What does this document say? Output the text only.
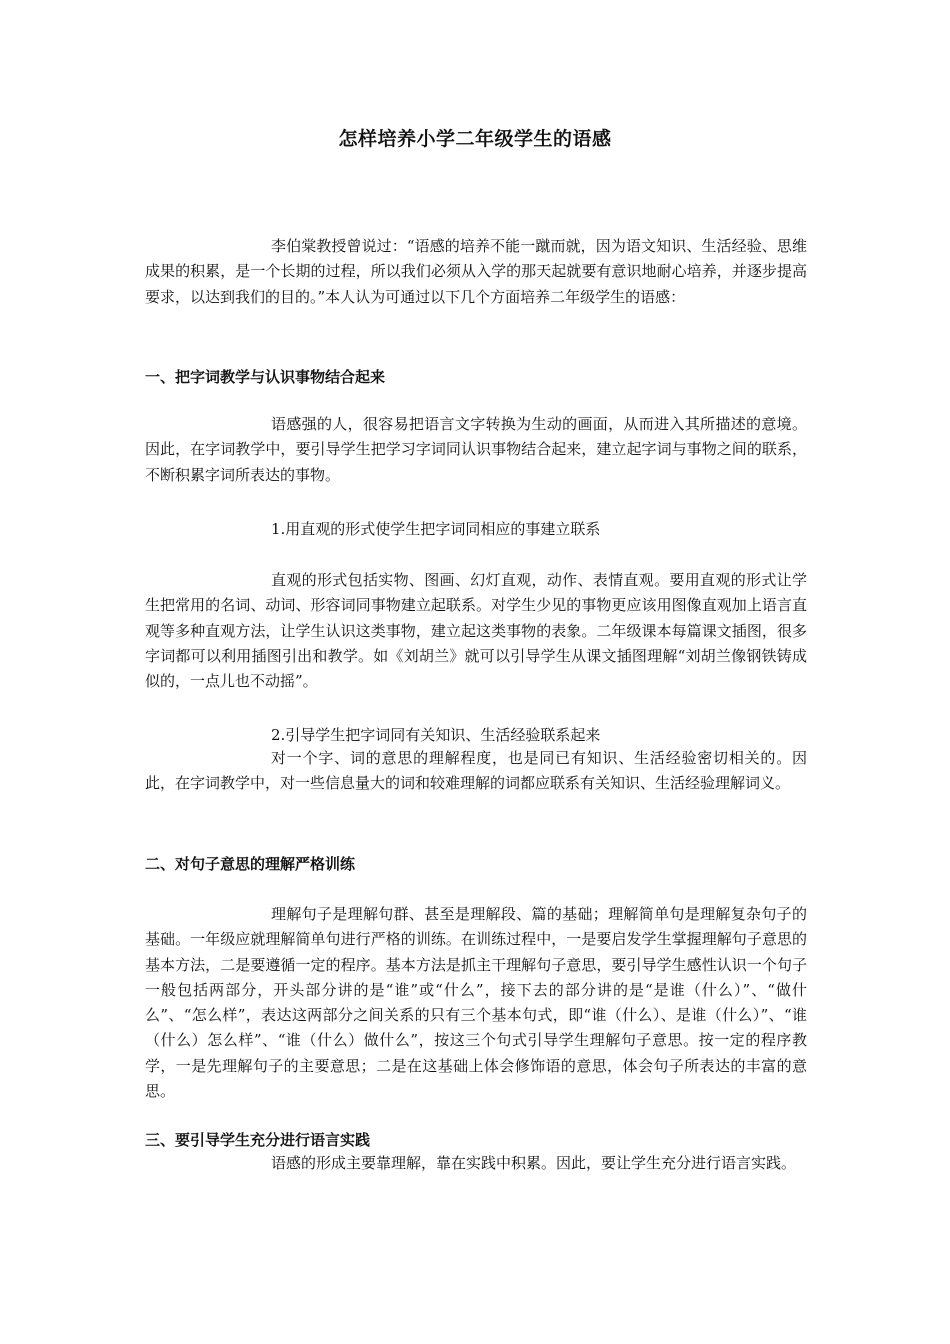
怎样培养小学二年级学生的语感

李伯棠教授曾说过：“语感的培养不能一蹴而就，因为语文知识、生活经验、思维成果的积累，是一个长期的过程，所以我们必须从入学的那天起就要有意识地耐心培养，并逐步提高要求，以达到我们的目的。”本人认为可通过以下几个方面培养二年级学生的语感：

一、把字词教学与认识事物结合起来

语感强的人，很容易把语言文字转换为生动的画面，从而进入其所描述的意境。因此，在字词教学中，要引导学生把学习字词同认识事物结合起来，建立起字词与事物之间的联系，不断积累字词所表达的事物。

1.用直观的形式使学生把字词同相应的事建立联系

直观的形式包括实物、图画、幻灯直观，动作、表情直观。要用直观的形式让学生把常用的名词、动词、形容词同事物建立起联系。对学生少见的事物更应该用图像直观加上语言直观等多种直观方法，让学生认识这类事物，建立起这类事物的表象。二年级课本每篇课文插图，很多字词都可以利用插图引出和教学。如《刘胡兰》就可以引导学生从课文插图理解“刘胡兰像钢铁铸成似的，一点儿也不动摇”。

2.引导学生把字词同有关知识、生活经验联系起来

对一个字、词的意思的理解程度，也是同已有知识、生活经验密切相关的。因此，在字词教学中，对一些信息量大的词和较难理解的词都应联系有关知识、生活经验理解词义。

二、对句子意思的理解严格训练

理解句子是理解句群、甚至是理解段、篇的基础；理解简单句是理解复杂句子的基础。一年级应就理解简单句进行严格的训练。在训练过程中，一是要启发学生掌握理解句子意思的基本方法，二是要遵循一定的程序。基本方法是抓主干理解句子意思，要引导学生感性认识一个句子一般包括两部分，开头部分讲的是“谁”或“什么”，接下去的部分讲的是“是谁（什么）”、“做什么”、“怎么样”，表达这两部分之间关系的只有三个基本句式，即“谁（什么）、是谁（什么）”、“谁（什么）怎么样”、“谁（什么）做什么”，按这三个句式引导学生理解句子意思。按一定的程序教学，一是先理解句子的主要意思；二是在这基础上体会修饰语的意思，体会句子所表达的丰富的意思。

三、要引导学生充分进行语言实践

语感的形成主要靠理解，靠在实践中积累。因此，要让学生充分进行语言实践。
